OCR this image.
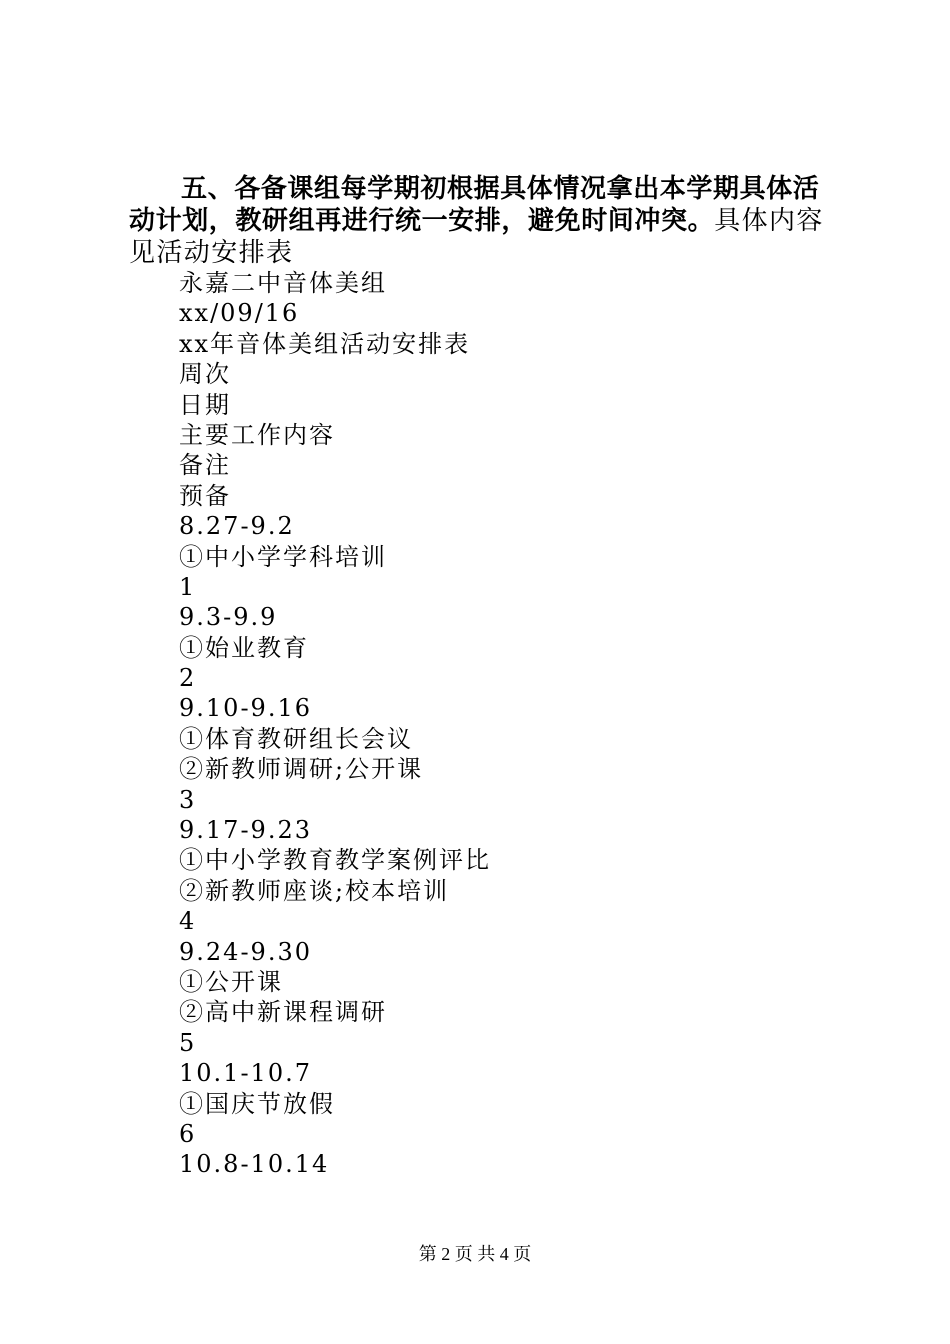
五、各备课组每学期初根据具体情况拿出本学期具体活动计划，教研组再进行统一安排，避免时间冲突。具体内容见活动安排表
永嘉二中音体美组
xx/09/16
xx年音体美组活动安排表
周次
日期
主要工作内容
备注
预备
8.27-9.2
①中小学学科培训
1
9.3-9.9
①始业教育
2
9.10-9.16
①体育教研组长会议
②新教师调研;公开课
3
9.17-9.23
①中小学教育教学案例评比
②新教师座谈;校本培训
4
9.24-9.30
①公开课
②高中新课程调研
5
10.1-10.7
①国庆节放假
6
10.8-10.14
第 2 页 共 4 页
